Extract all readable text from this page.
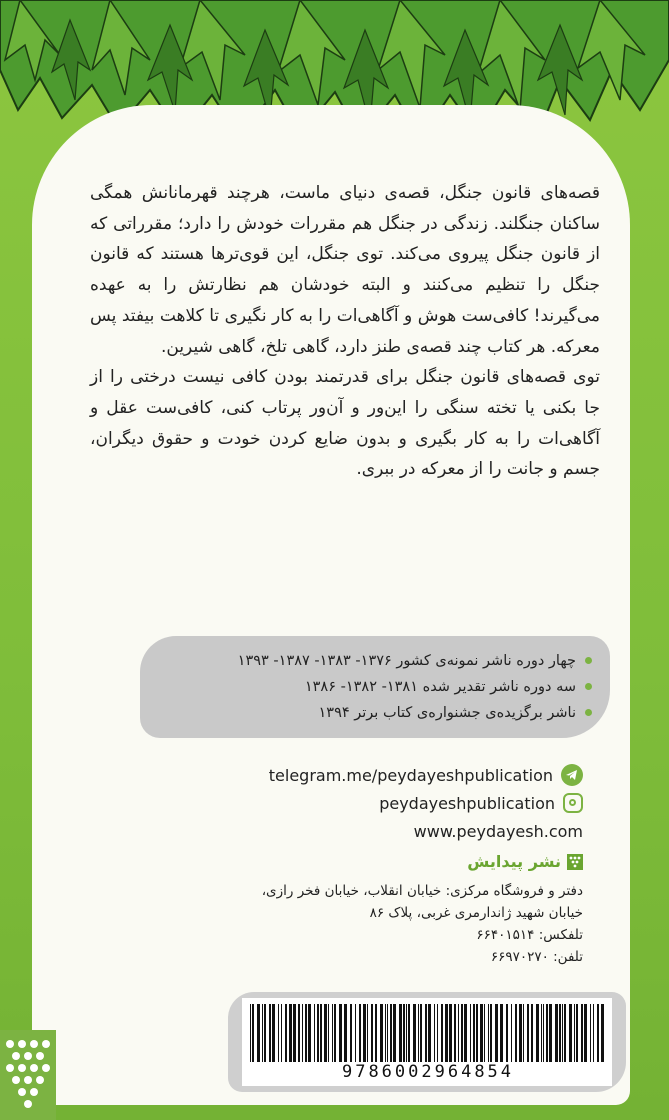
قصه‌های قانون جنگل، قصه‌ی دنیای ماست، هرچند قهرمانانش همگی ساکنان جنگلند. زندگی در جنگل هم مقررات خودش را دارد؛ مقرراتی که از قانون جنگل پیروی می‌کند. توی جنگل، این قوی‌ترها هستند که قانون جنگل را تنظیم می‌کنند و البته خودشان هم نظارتش را به عهده می‌گیرند! کافی‌ست هوش و آگاهی‌ات را به کار نگیری تا کلاهت بیفتد پس معرکه. هر کتاب چند قصه‌ی طنز دارد، گاهی تلخ، گاهی شیرین.

توی قصه‌های قانون جنگل برای قدرتمند بودن کافی نیست درختی را از جا بکنی یا تخته سنگی را این‌ور و آن‌ور پرتاب کنی، کافی‌ست عقل و آگاهی‌ات را به کار بگیری و بدون ضایع کردن خودت و حقوق دیگران، جسم و جانت را از معرکه در ببری.

چهار دوره ناشر نمونه‌ی کشور ۱۳۷۶- ۱۳۸۳- ۱۳۸۷- ۱۳۹۳
سه دوره ناشر تقدیر شده ۱۳۸۱- ۱۳۸۲- ۱۳۸۶
ناشر برگزیده‌ی جشنواره‌ی کتاب برتر ۱۳۹۴
telegram.me/peydayeshpublication
peydayeshpublication
www.peydayesh.com
نشر پیدایش

دفتر و فروشگاه مرکزی: خیابان انقلاب، خیابان فخر رازی،

خیابان شهید ژاندارمری غربی، پلاک ۸۶

تلفکس: ۶۶۴۰۱۵۱۴

تلفن: ۶۶۹۷۰۲۷۰

9786002964854
